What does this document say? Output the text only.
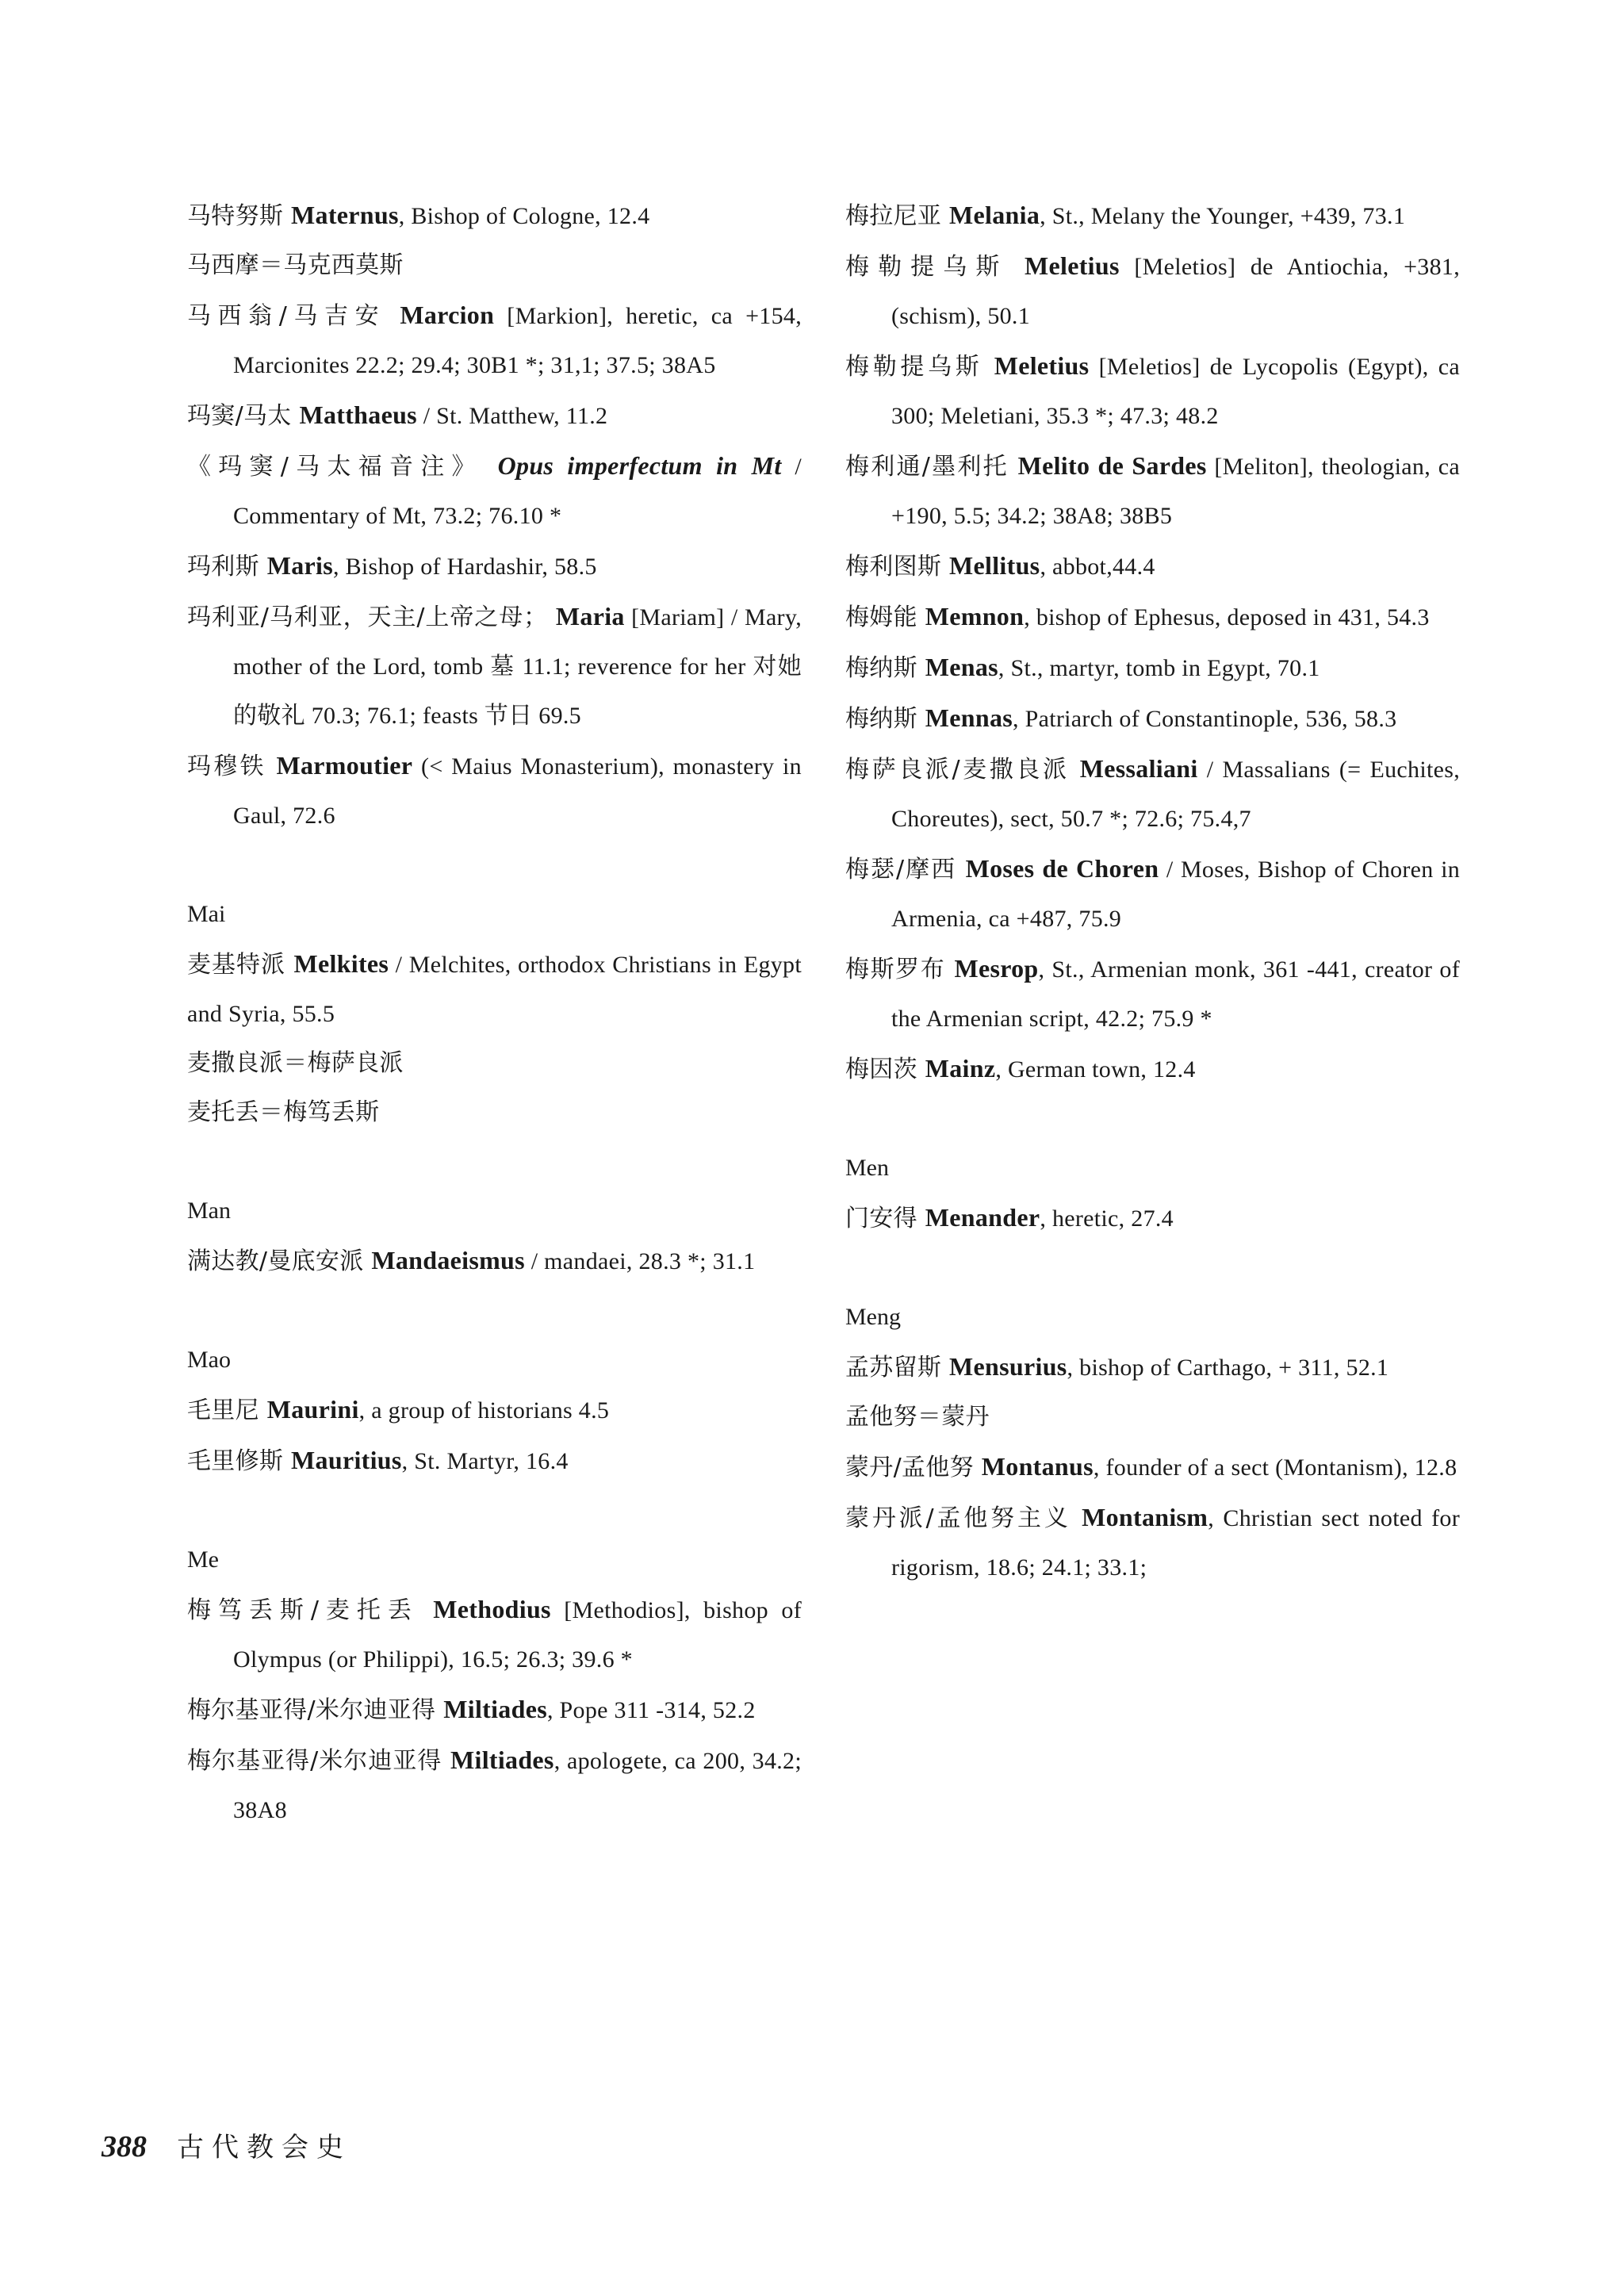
马特努斯 Maternus, Bishop of Cologne, 12.4

马西摩＝马克西莫斯

马西翁/马吉安 Marcion [Markion], heretic, ca +154, Marcionites 22.2; 29.4; 30B1 *; 31,1; 37.5; 38A5

玛窦/马太 Matthaeus / St. Matthew, 11.2

《玛窦/马太福音注》 Opus imperfectum in Mt / Commentary of Mt, 73.2; 76.10 *

玛利斯 Maris, Bishop of Hardashir, 58.5

玛利亚/马利亚，天主/上帝之母； Maria [Mariam] / Mary, mother of the Lord, tomb 墓 11.1; reverence for her 对她的敬礼 70.3; 76.1; feasts 节日 69.5

玛穆铁 Marmoutier (< Maius Monasterium), monastery in Gaul, 72.6

Mai

麦基特派 Melkites / Melchites, orthodox Christians in Egypt and Syria, 55.5

麦撒良派＝梅萨良派

麦托丢＝梅笃丢斯

Man

满达教/曼底安派 Mandaeismus / mandaei, 28.3 *; 31.1

Mao

毛里尼 Maurini, a group of historians 4.5

毛里修斯 Mauritius, St. Martyr, 16.4

Me

梅笃丢斯/麦托丢 Methodius [Methodios], bishop of Olympus (or Philippi), 16.5; 26.3; 39.6 *

梅尔基亚得/米尔迪亚得 Miltiades, Pope 311 -314, 52.2

梅尔基亚得/米尔迪亚得 Miltiades, apologete, ca 200, 34.2; 38A8

梅拉尼亚 Melania, St., Melany the Younger, +439, 73.1

梅勒提乌斯 Meletius [Meletios] de Antiochia, +381, (schism), 50.1

梅勒提乌斯 Meletius [Meletios] de Lycopolis (Egypt), ca 300; Meletiani, 35.3 *; 47.3; 48.2

梅利通/墨利托 Melito de Sardes [Meliton], theologian, ca +190, 5.5; 34.2; 38A8; 38B5

梅利图斯 Mellitus, abbot,44.4

梅姆能 Memnon, bishop of Ephesus, deposed in 431, 54.3

梅纳斯 Menas, St., martyr, tomb in Egypt, 70.1

梅纳斯 Mennas, Patriarch of Constantinople, 536, 58.3

梅萨良派/麦撒良派 Messaliani / Massalians (= Euchites, Choreutes), sect, 50.7 *; 72.6; 75.4,7

梅瑟/摩西 Moses de Choren / Moses, Bishop of Choren in Armenia, ca +487, 75.9

梅斯罗布 Mesrop, St., Armenian monk, 361 -441, creator of the Armenian script, 42.2; 75.9 *

梅因茨 Mainz, German town, 12.4

Men

门安得 Menander, heretic, 27.4

Meng

孟苏留斯 Mensurius, bishop of Carthago, + 311, 52.1

孟他努＝蒙丹

蒙丹/孟他努 Montanus, founder of a sect (Montanism), 12.8

蒙丹派/孟他努主义 Montanism, Christian sect noted for rigorism, 18.6; 24.1; 33.1;

388 古代教会史
